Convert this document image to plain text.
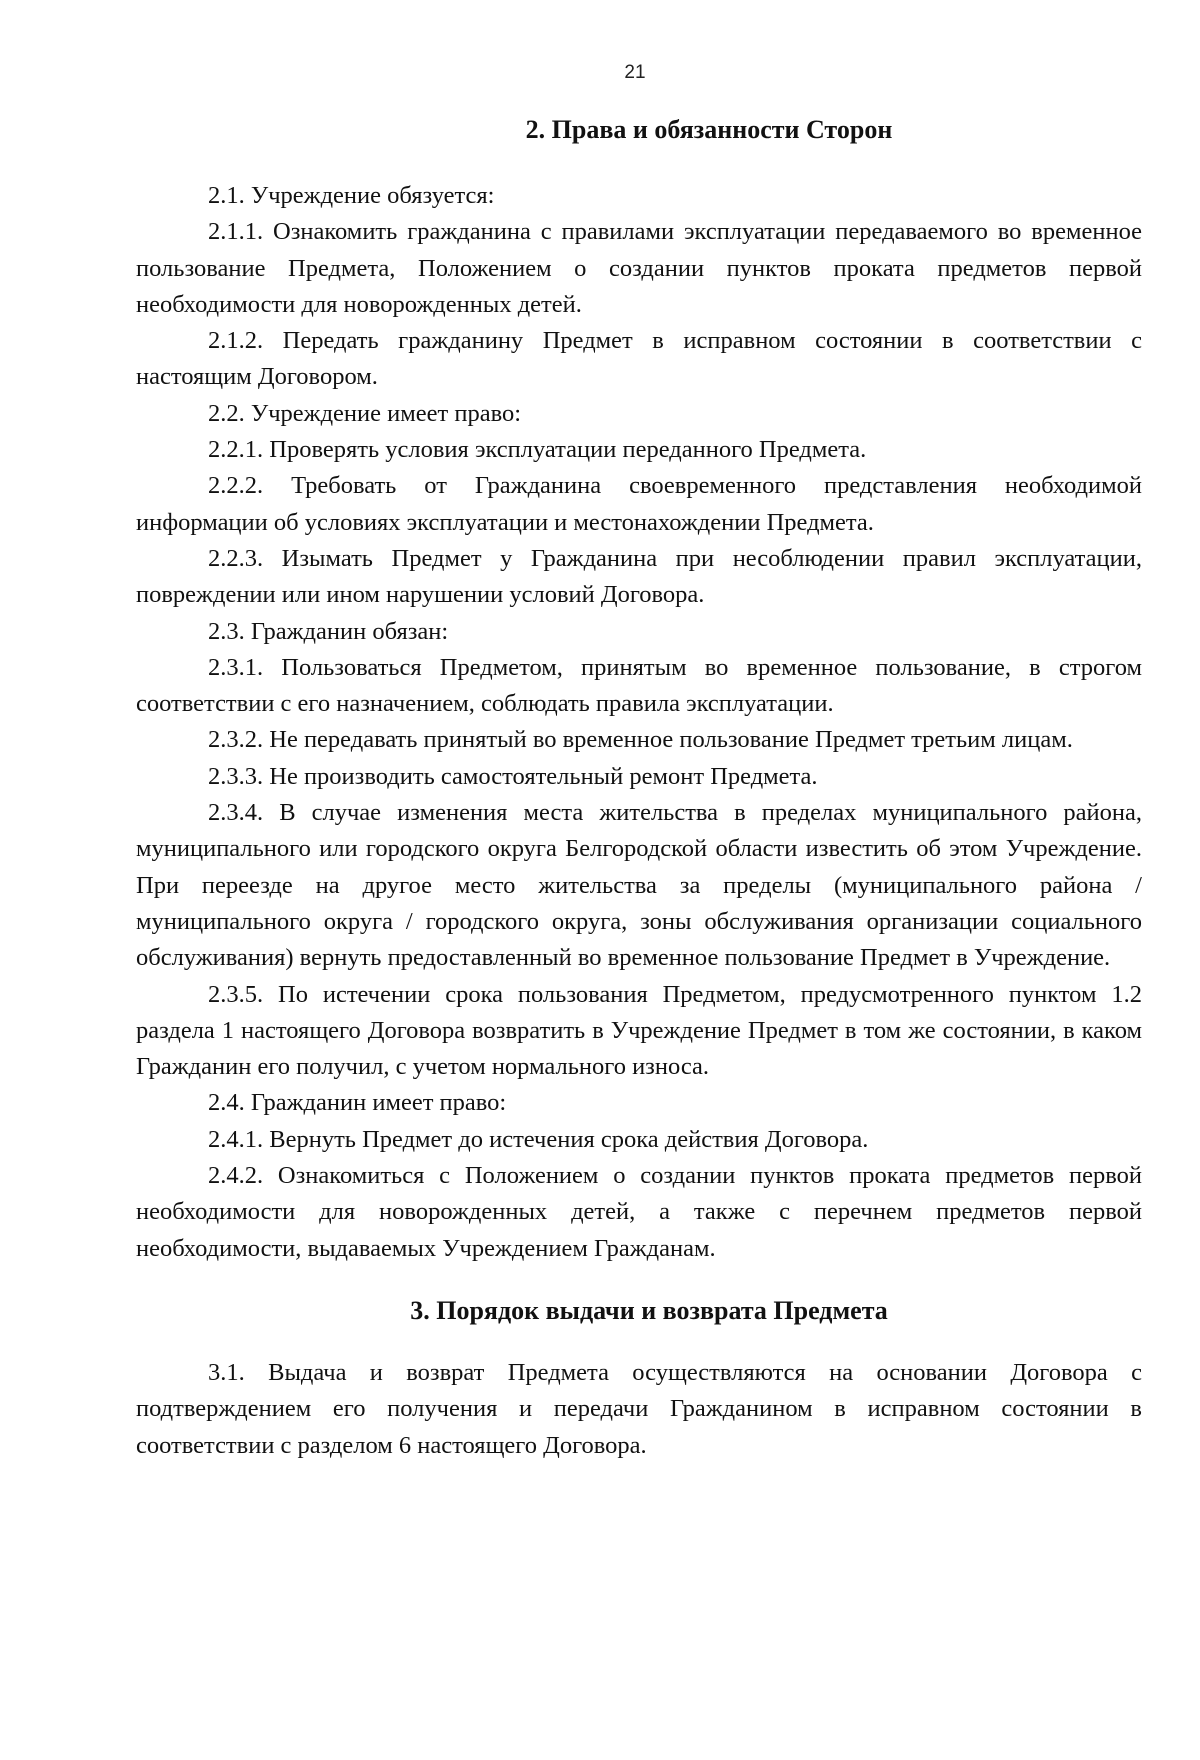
21
2. Права и обязанности Сторон

2.1. Учреждение обязуется:

2.1.1. Ознакомить гражданина с правилами эксплуатации передаваемого во временное пользование Предмета, Положением о создании пунктов проката предметов первой необходимости для новорожденных детей.

2.1.2. Передать гражданину Предмет в исправном состоянии в соответствии с настоящим Договором.

2.2. Учреждение имеет право:

2.2.1. Проверять условия эксплуатации переданного Предмета.

2.2.2. Требовать от Гражданина своевременного представления необходимой информации об условиях эксплуатации и местонахождении Предмета.

2.2.3. Изымать Предмет у Гражданина при несоблюдении правил эксплуатации, повреждении или ином нарушении условий Договора.

2.3. Гражданин обязан:

2.3.1. Пользоваться Предметом, принятым во временное пользование, в строгом соответствии с его назначением, соблюдать правила эксплуатации.

2.3.2. Не передавать принятый во временное пользование Предмет третьим лицам.

2.3.3. Не производить самостоятельный ремонт Предмета.

2.3.4. В случае изменения места жительства в пределах муниципального района, муниципального или городского округа Белгородской области известить об этом Учреждение. При переезде на другое место жительства за пределы (муниципального района / муниципального округа / городского округа, зоны обслуживания организации социального обслуживания) вернуть предоставленный во временное пользование Предмет в Учреждение.

2.3.5. По истечении срока пользования Предметом, предусмотренного пунктом 1.2 раздела 1 настоящего Договора возвратить в Учреждение Предмет в том же состоянии, в каком Гражданин его получил, с учетом нормального износа.

2.4. Гражданин имеет право:

2.4.1. Вернуть Предмет до истечения срока действия Договора.

2.4.2. Ознакомиться с Положением о создании пунктов проката предметов первой необходимости для новорожденных детей, а также с перечнем предметов первой необходимости, выдаваемых Учреждением Гражданам.

3. Порядок выдачи и возврата Предмета

3.1. Выдача и возврат Предмета осуществляются на основании Договора с подтверждением его получения и передачи Гражданином в исправном состоянии в соответствии с разделом 6 настоящего Договора.
